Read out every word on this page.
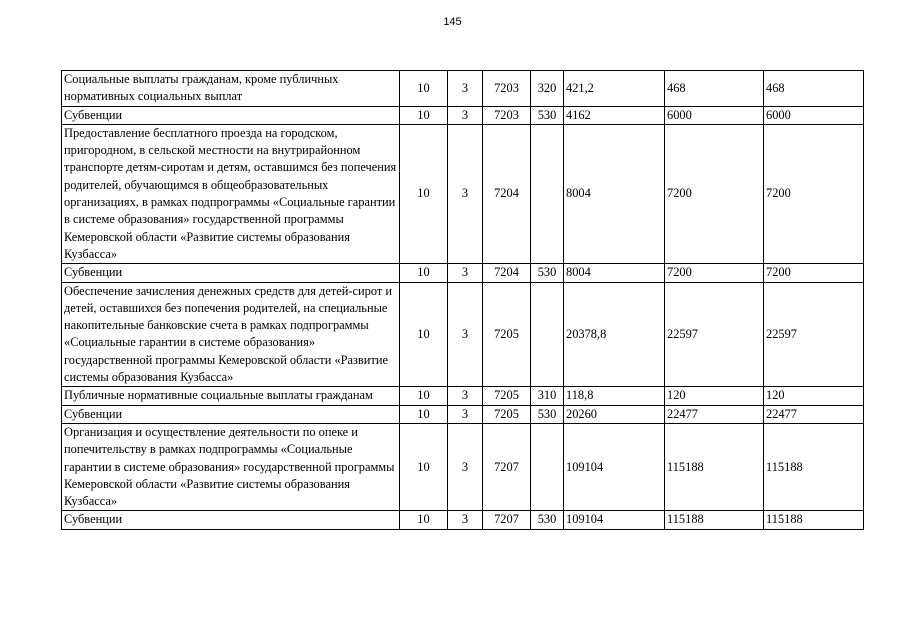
145
Социальные выплаты гражданам, кроме публичных нормативных социальных выплат	10	3	7203	320	421,2	468	468
Субвенции	10	3	7203	530	4162	6000	6000
Предоставление бесплатного проезда на городском, пригородном, в сельской местности на внутрирайонном транспорте детям-сиротам и детям, оставшимся без попечения родителей, обучающимся в общеобразовательных организациях, в рамках подпрограммы «Социальные гарантии в системе образования» государственной программы Кемеровской области «Развитие системы образования Кузбасса»	10	3	7204		8004	7200	7200
Субвенции	10	3	7204	530	8004	7200	7200
Обеспечение зачисления денежных средств для детей-сирот и детей, оставшихся без попечения родителей, на специальные накопительные банковские счета в рамках подпрограммы «Социальные гарантии в системе образования» государственной программы Кемеровской области «Развитие системы образования Кузбасса»	10	3	7205		20378,8	22597	22597
Публичные нормативные социальные выплаты гражданам	10	3	7205	310	118,8	120	120
Субвенции	10	3	7205	530	20260	22477	22477
Организация и осуществление деятельности по опеке и попечительству в рамках подпрограммы «Социальные гарантии в системе образования» государственной программы Кемеровской области «Развитие системы образования Кузбасса»	10	3	7207		109104	115188	115188
Субвенции	10	3	7207	530	109104	115188	115188
